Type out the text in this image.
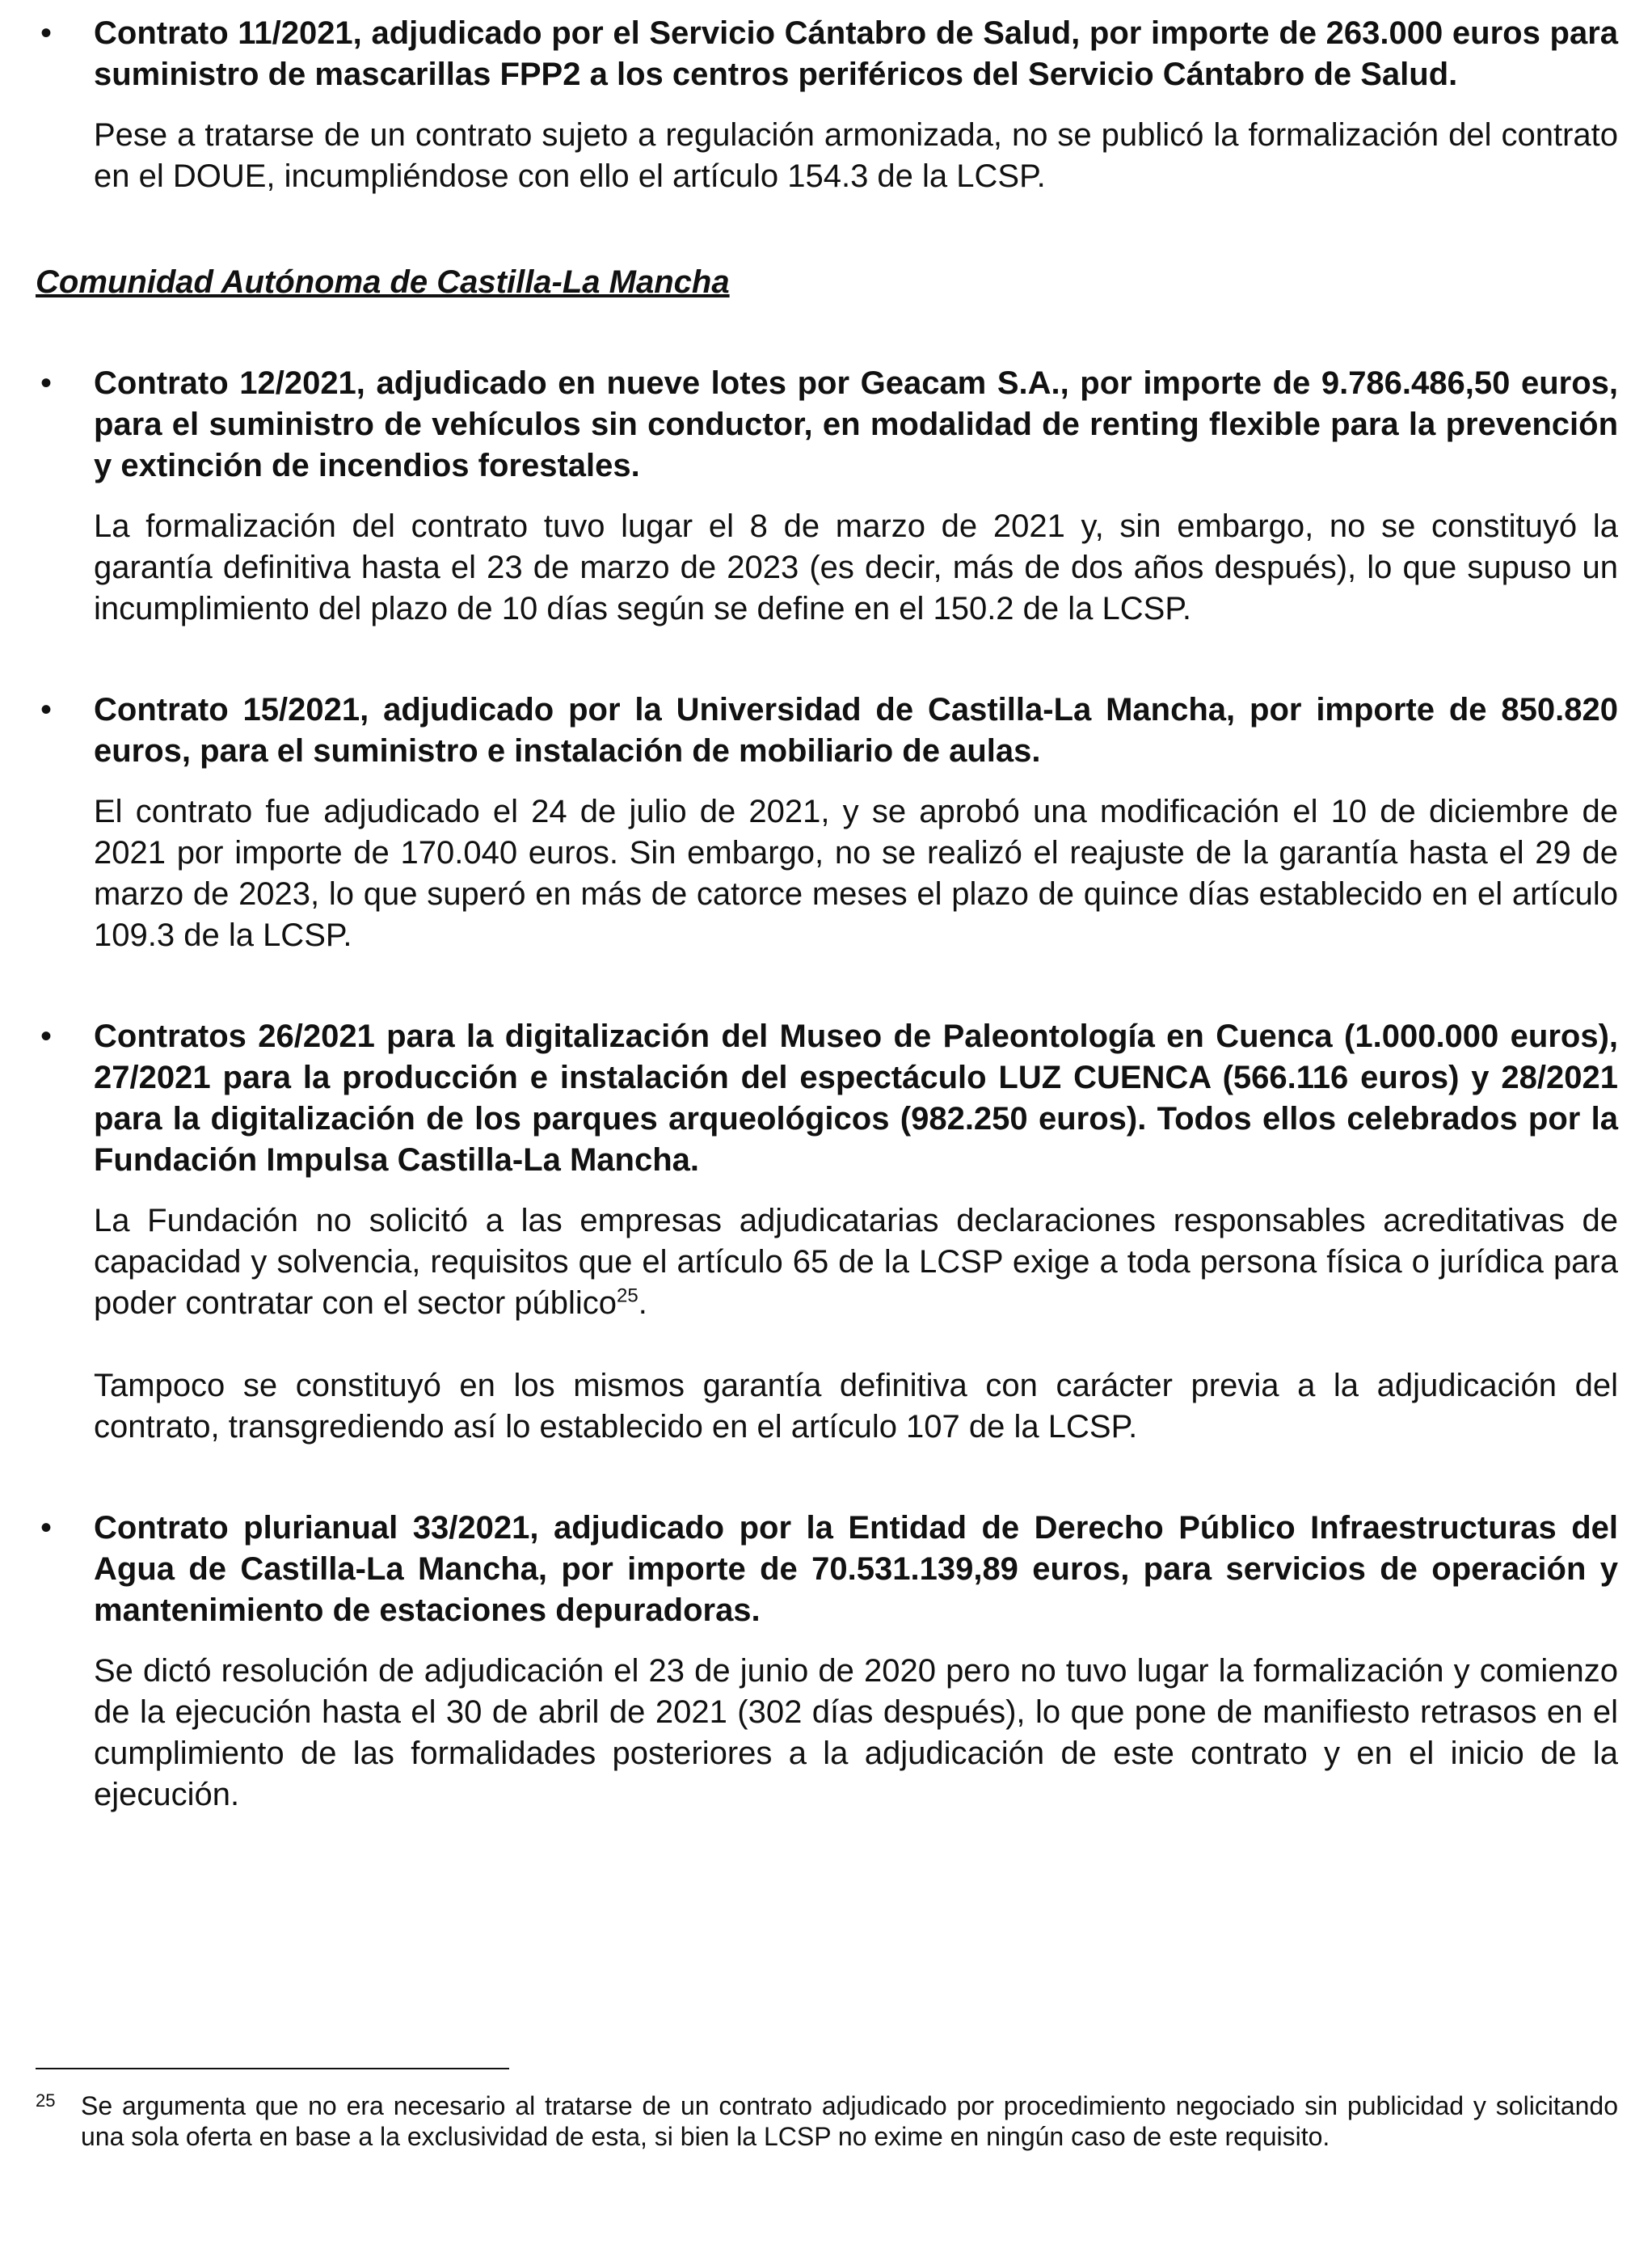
• Contrato 11/2021, adjudicado por el Servicio Cántabro de Salud, por importe de 263.000 euros para suministro de mascarillas FPP2 a los centros periféricos del Servicio Cántabro de Salud.

Pese a tratarse de un contrato sujeto a regulación armonizada, no se publicó la formalización del contrato en el DOUE, incumpliéndose con ello el artículo 154.3 de la LCSP.

Comunidad Autónoma de Castilla-La Mancha
• Contrato 12/2021, adjudicado en nueve lotes por Geacam S.A., por importe de 9.786.486,50 euros, para el suministro de vehículos sin conductor, en modalidad de renting flexible para la prevención y extinción de incendios forestales.

La formalización del contrato tuvo lugar el 8 de marzo de 2021 y, sin embargo, no se constituyó la garantía definitiva hasta el 23 de marzo de 2023 (es decir, más de dos años después), lo que supuso un incumplimiento del plazo de 10 días según se define en el 150.2 de la LCSP.

• Contrato 15/2021, adjudicado por la Universidad de Castilla-La Mancha, por importe de 850.820 euros, para el suministro e instalación de mobiliario de aulas.

El contrato fue adjudicado el 24 de julio de 2021, y se aprobó una modificación el 10 de diciembre de 2021 por importe de 170.040 euros. Sin embargo, no se realizó el reajuste de la garantía hasta el 29 de marzo de 2023, lo que superó en más de catorce meses el plazo de quince días establecido en el artículo 109.3 de la LCSP.

• Contratos 26/2021 para la digitalización del Museo de Paleontología en Cuenca (1.000.000 euros), 27/2021 para la producción e instalación del espectáculo LUZ CUENCA (566.116 euros) y 28/2021 para la digitalización de los parques arqueológicos (982.250 euros). Todos ellos celebrados por la Fundación Impulsa Castilla-La Mancha.

La Fundación no solicitó a las empresas adjudicatarias declaraciones responsables acreditativas de capacidad y solvencia, requisitos que el artículo 65 de la LCSP exige a toda persona física o jurídica para poder contratar con el sector público$^{25}$.

Tampoco se constituyó en los mismos garantía definitiva con carácter previa a la adjudicación del contrato, transgrediendo así lo establecido en el artículo 107 de la LCSP.

• Contrato plurianual 33/2021, adjudicado por la Entidad de Derecho Público Infraestructuras del Agua de Castilla-La Mancha, por importe de 70.531.139,89 euros, para servicios de operación y mantenimiento de estaciones depuradoras.

Se dictó resolución de adjudicación el 23 de junio de 2020 pero no tuvo lugar la formalización y comienzo de la ejecución hasta el 30 de abril de 2021 (302 días después), lo que pone de manifiesto retrasos en el cumplimiento de las formalidades posteriores a la adjudicación de este contrato y en el inicio de la ejecución.

25 Se argumenta que no era necesario al tratarse de un contrato adjudicado por procedimiento negociado sin publicidad y solicitando una sola oferta en base a la exclusividad de esta, si bien la LCSP no exime en ningún caso de este requisito.
